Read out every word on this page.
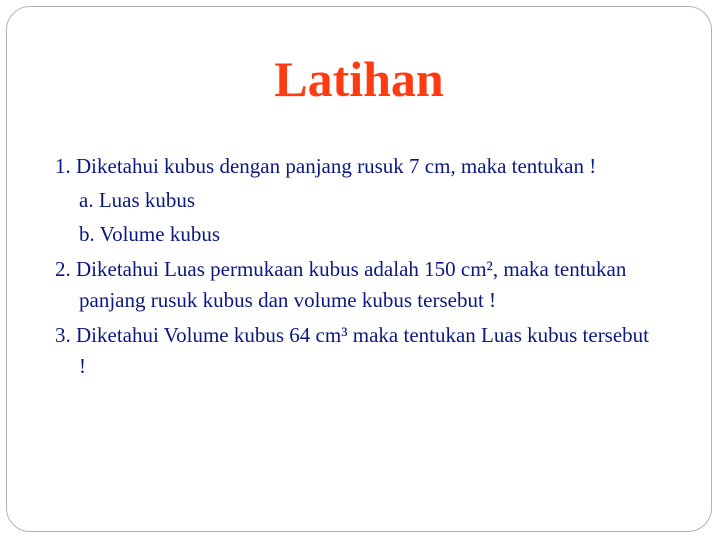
Latihan

1. Diketahui kubus dengan panjang rusuk 7 cm, maka tentukan !

a. Luas kubus

b. Volume kubus

2. Diketahui Luas permukaan kubus adalah 150 cm², maka tentukan panjang rusuk kubus dan volume kubus tersebut !

3. Diketahui Volume kubus 64 cm³ maka tentukan Luas kubus tersebut !
